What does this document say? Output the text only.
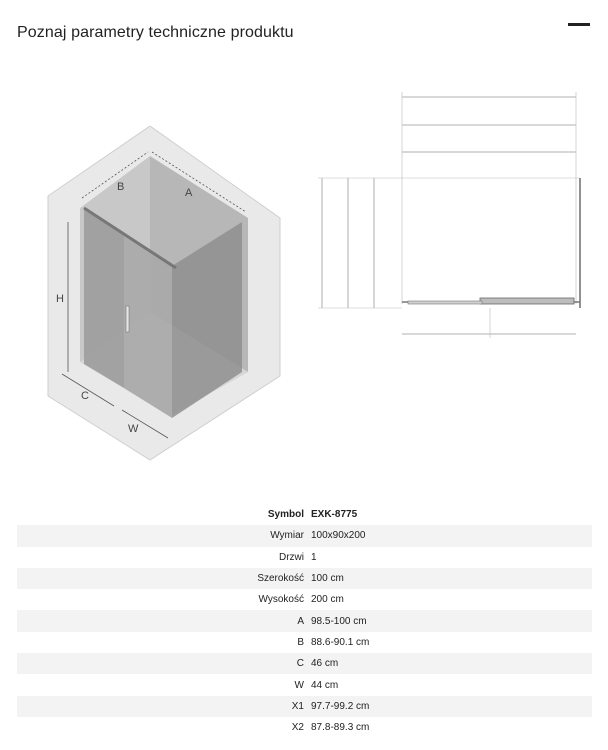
Poznaj parametry techniczne produktu
B	A
H
C
W
Symbol	EXK-8775
Wymiar	100x90x200
Drzwi	1
Szerokość	100 cm
Wysokość	200 cm
A	98.5-100 cm
B	88.6-90.1 cm
C	46 cm
W	44 cm
X1	97.7-99.2 cm
X2	87.8-89.3 cm
